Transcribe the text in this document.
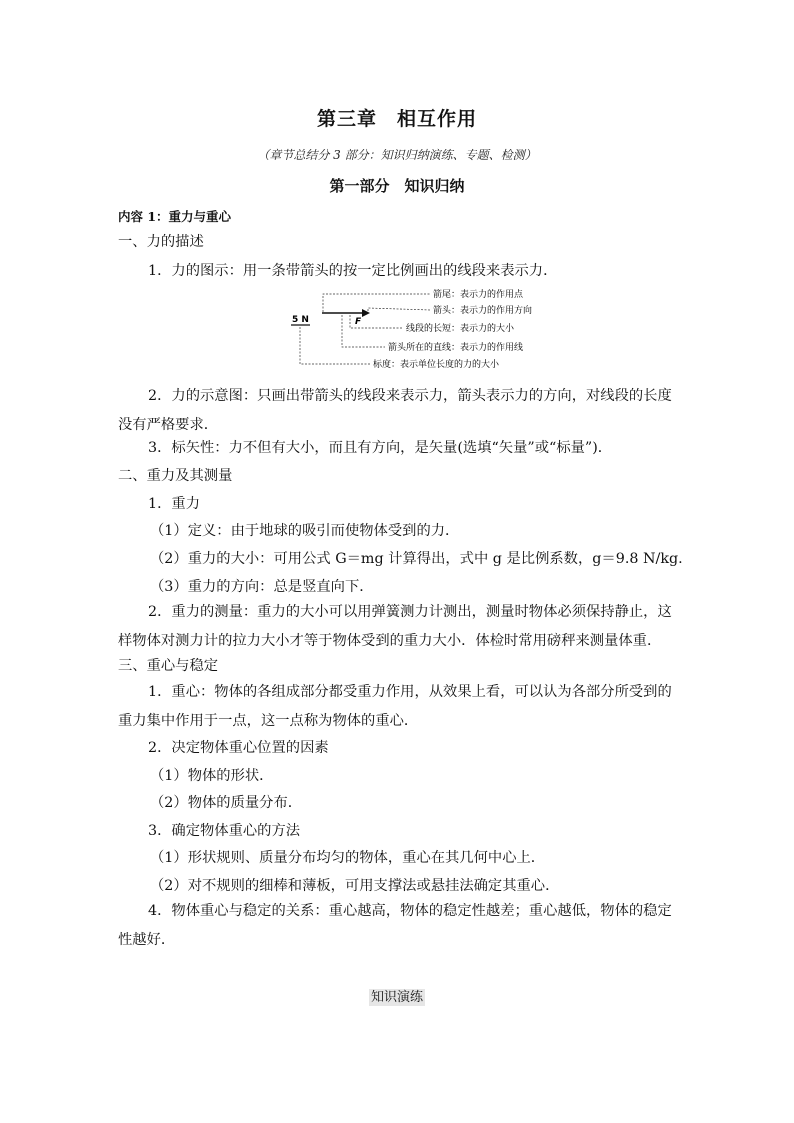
第三章　相互作用
（章节总结分 3 部分：知识归纳演练、专题、检测）
第一部分　知识归纳
内容 1：重力与重心
一、力的描述
1．力的图示：用一条带箭头的按一定比例画出的线段来表示力．
5 N	F
箭尾：表示力的作用点
箭头：表示力的作用方向
线段的长短：表示力的大小
箭头所在的直线：表示力的作用线
标度：表示单位长度的力的大小
2．力的示意图：只画出带箭头的线段来表示力，箭头表示力的方向，对线段的长度没有严格要求．
3．标矢性：力不但有大小，而且有方向，是矢量(选填“矢量”或“标量”)．
二、重力及其测量
1．重力
（1）定义：由于地球的吸引而使物体受到的力．
（2）重力的大小：可用公式 G＝mg 计算得出，式中 g 是比例系数，g＝9.8 N/kg.
（3）重力的方向：总是竖直向下．
2．重力的测量：重力的大小可以用弹簧测力计测出，测量时物体必须保持静止，这样物体对测力计的拉力大小才等于物体受到的重力大小．体检时常用磅秤来测量体重．
三、重心与稳定
1．重心：物体的各组成部分都受重力作用，从效果上看，可以认为各部分所受到的重力集中作用于一点，这一点称为物体的重心．
2．决定物体重心位置的因素
（1）物体的形状．
（2）物体的质量分布．
3．确定物体重心的方法
（1）形状规则、质量分布均匀的物体，重心在其几何中心上．
（2）对不规则的细棒和薄板，可用支撑法或悬挂法确定其重心．
4．物体重心与稳定的关系：重心越高，物体的稳定性越差；重心越低，物体的稳定性越好．
知识演练
